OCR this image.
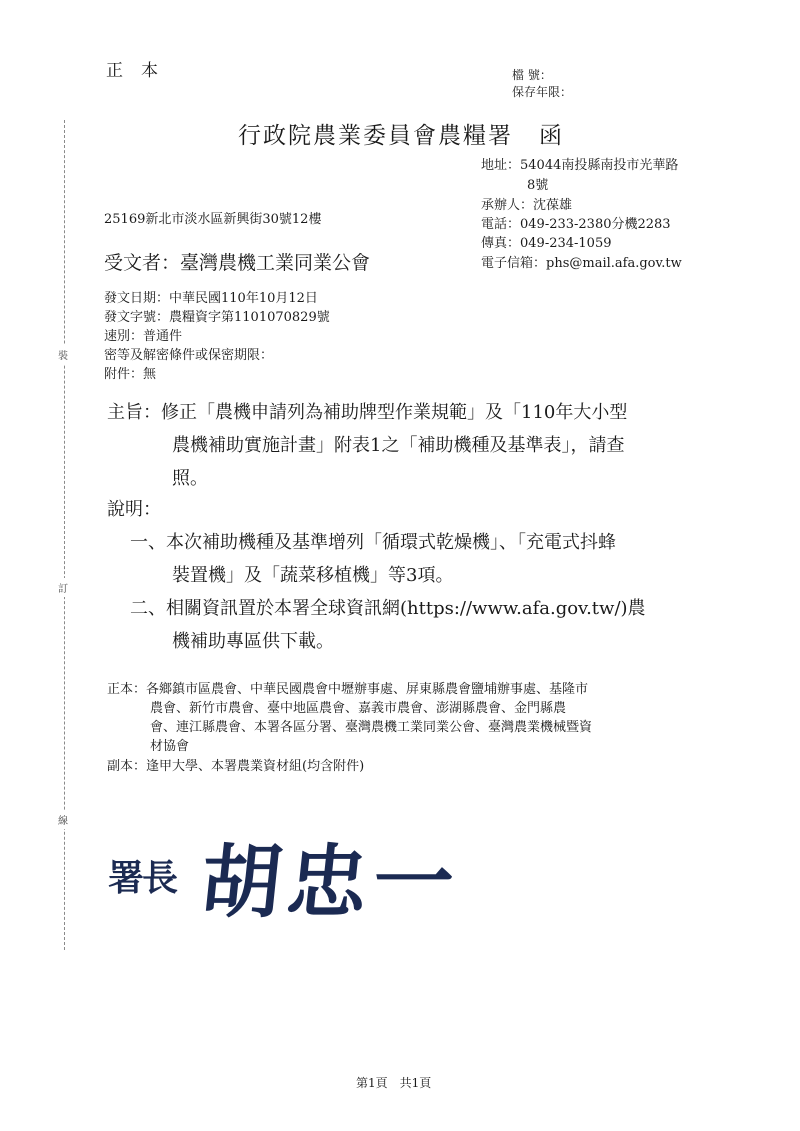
裝
訂
線
正本	檔 號：
保存年限：
行政院農業委員會農糧署 函
地址：54044南投縣南投市光華路
8號
承辦人：沈葆雄
電話：049-233-2380分機2283
傳真：049-234-1059
電子信箱：phs@mail.afa.gov.tw
25169新北市淡水區新興街30號12樓
受文者：臺灣農機工業同業公會
發文日期：中華民國110年10月12日
發文字號：農糧資字第1101070829號
速別：普通件
密等及解密條件或保密期限：
附件：無
主旨：修正「農機申請列為補助牌型作業規範」及「110年大小型
農機補助實施計畫」附表1之「補助機種及基準表」，請查
照。
說明：
一、本次補助機種及基準增列「循環式乾燥機」、「充電式抖蜂
裝置機」及「蔬菜移植機」等3項。
二、相關資訊置於本署全球資訊網(https://www.afa.gov.tw/)農
機補助專區供下載。
正本：各鄉鎮市區農會、中華民國農會中壢辦事處、屏東縣農會鹽埔辦事處、基隆市
農會、新竹市農會、臺中地區農會、嘉義市農會、澎湖縣農會、金門縣農
會、連江縣農會、本署各區分署、臺灣農機工業同業公會、臺灣農業機械暨資
材協會
副本：逢甲大學、本署農業資材組(均含附件)
署長 胡忠一
第1頁　共1頁
